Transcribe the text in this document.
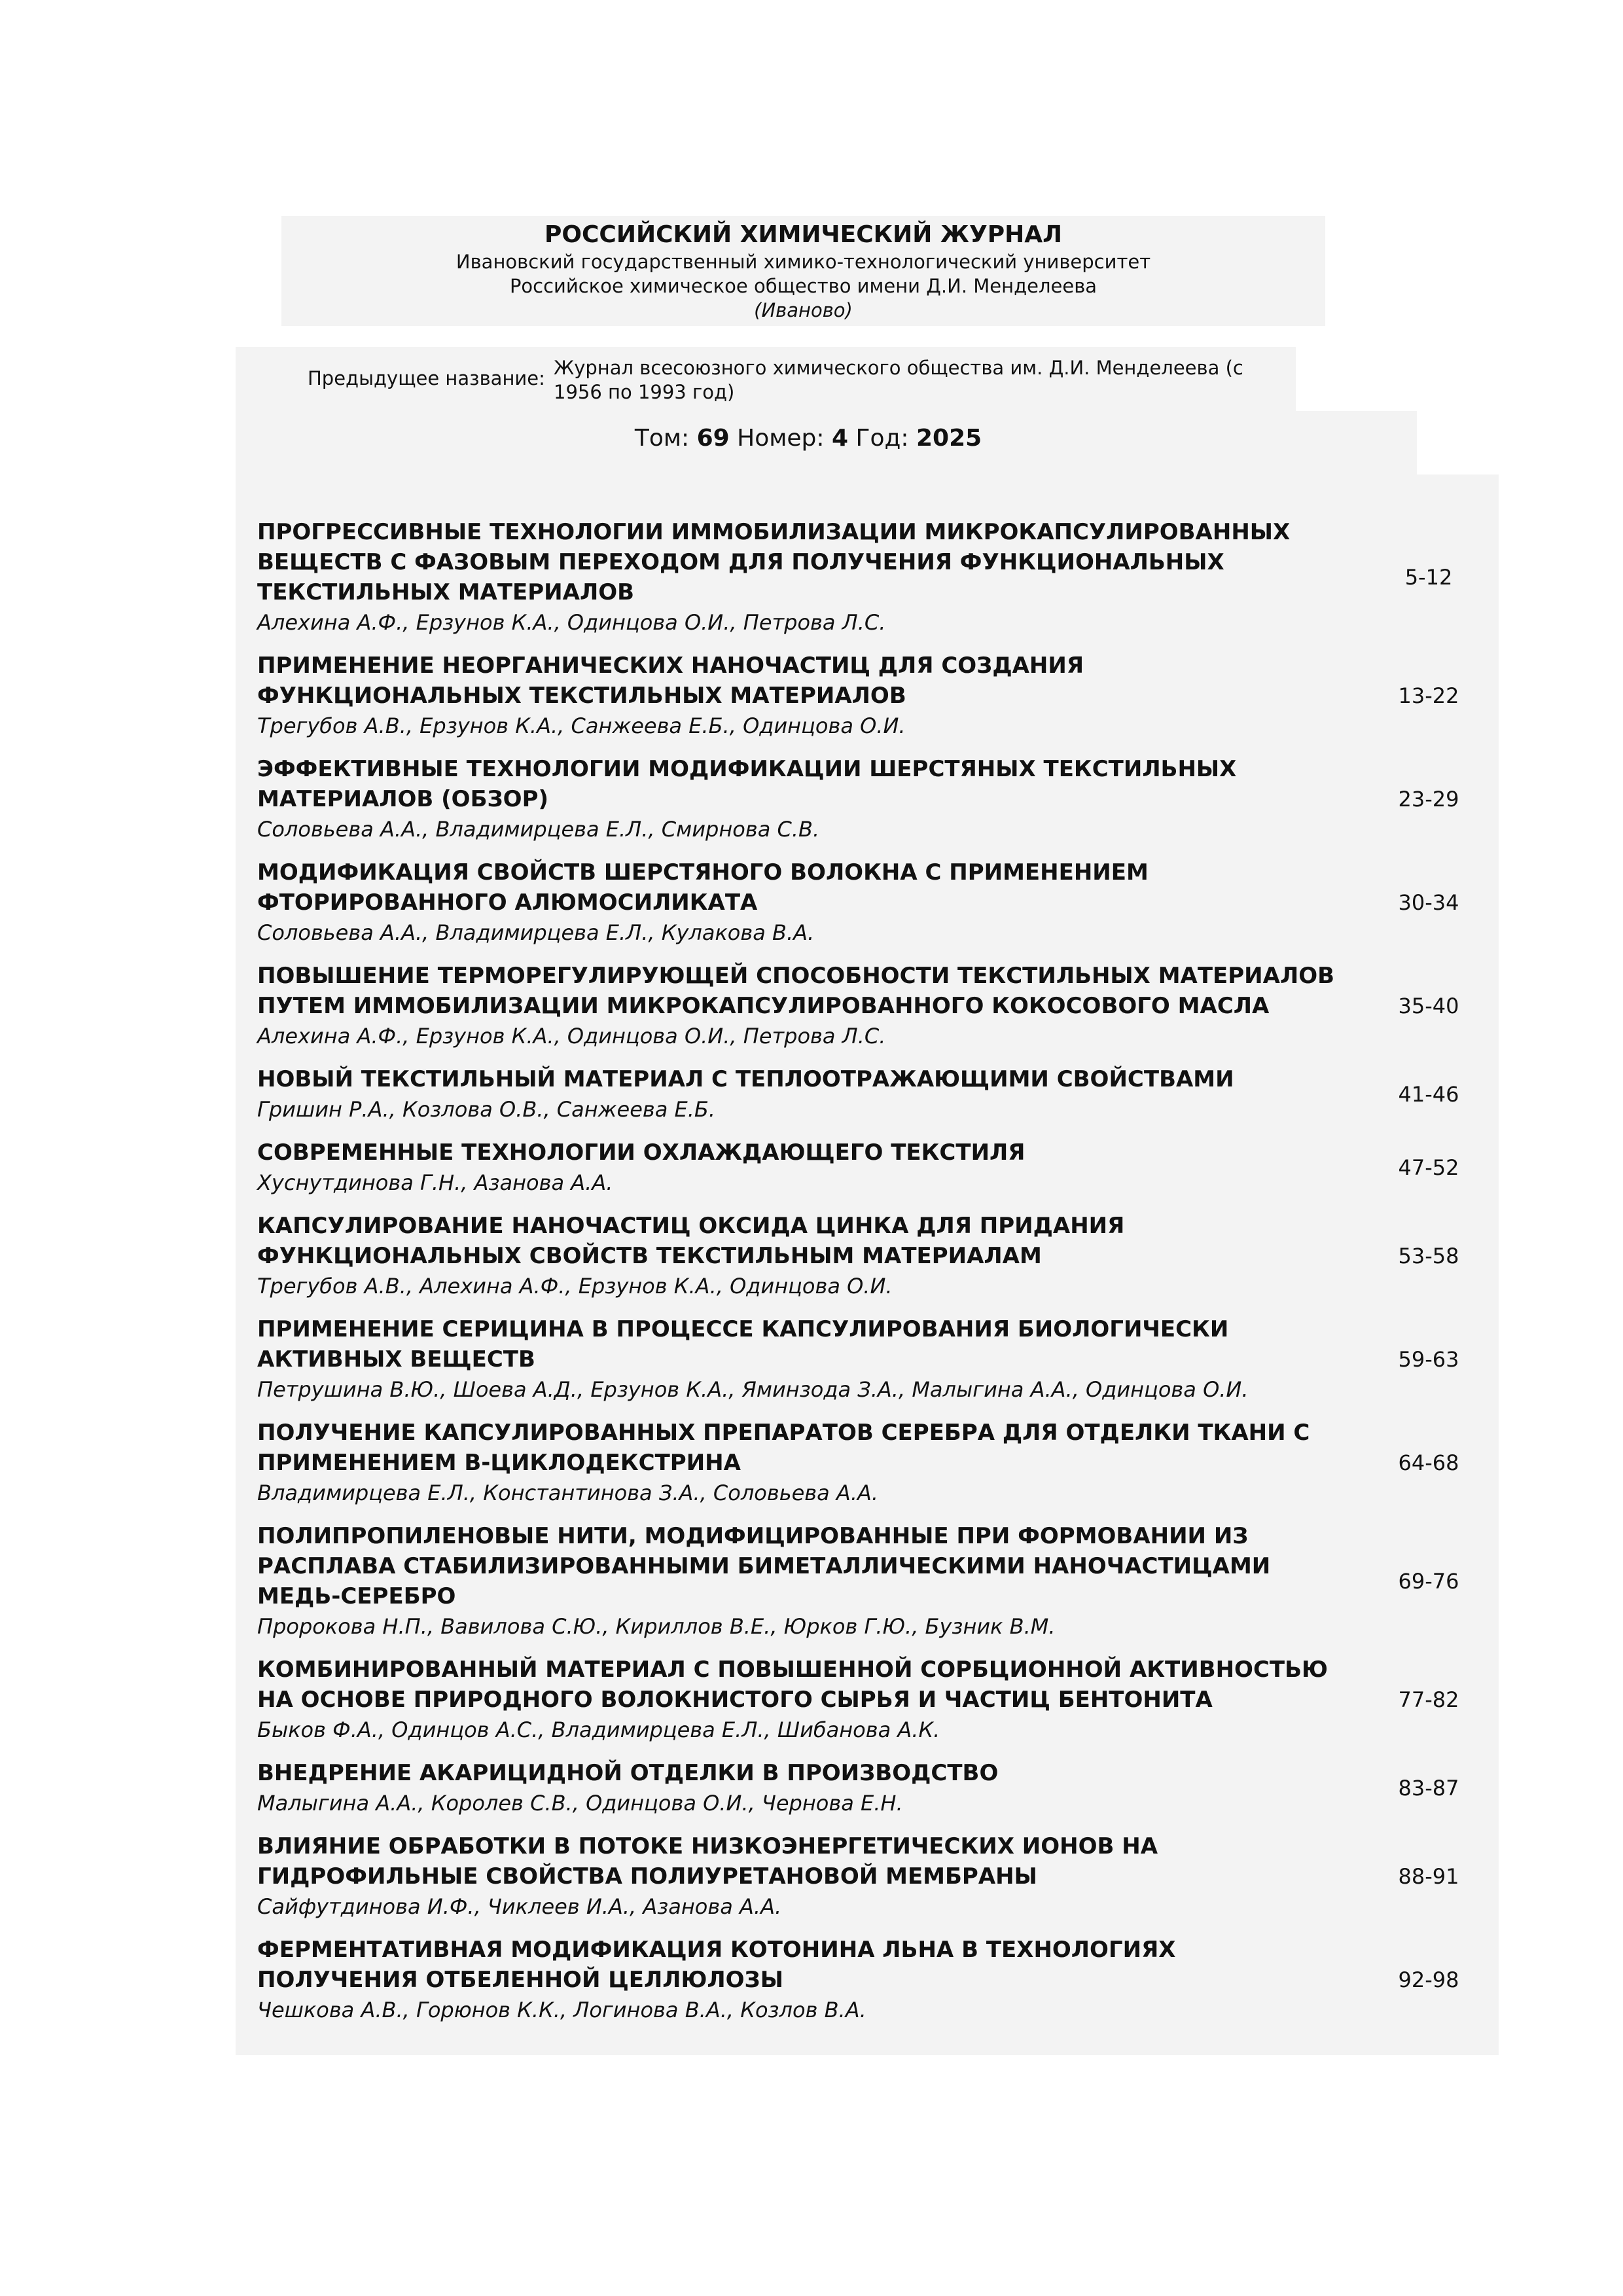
РОССИЙСКИЙ ХИМИЧЕСКИЙ ЖУРНАЛ
Ивановский государственный химико-технологический университет
Российское химическое общество имени Д.И. Менделеева
(Иваново)
Предыдущее название: Журнал всесоюзного химического общества им. Д.И. Менделеева (с 1956 по 1993 год)
Том: 69 Номер: 4 Год: 2025
ПРОГРЕССИВНЫЕ ТЕХНОЛОГИИ ИММОБИЛИЗАЦИИ МИКРОКАПСУЛИРОВАННЫХ ВЕЩЕСТВ С ФАЗОВЫМ ПЕРЕХОДОМ ДЛЯ ПОЛУЧЕНИЯ ФУНКЦИОНАЛЬНЫХ ТЕКСТИЛЬНЫХ МАТЕРИАЛОВ
Алехина А.Ф., Ерзунов К.А., Одинцова О.И., Петрова Л.С.
5-12
ПРИМЕНЕНИЕ НЕОРГАНИЧЕСКИХ НАНОЧАСТИЦ ДЛЯ СОЗДАНИЯ ФУНКЦИОНАЛЬНЫХ ТЕКСТИЛЬНЫХ МАТЕРИАЛОВ
Трегубов А.В., Ерзунов К.А., Санжеева Е.Б., Одинцова О.И.
13-22
ЭФФЕКТИВНЫЕ ТЕХНОЛОГИИ МОДИФИКАЦИИ ШЕРСТЯНЫХ ТЕКСТИЛЬНЫХ МАТЕРИАЛОВ (ОБЗОР)
Соловьева А.А., Владимирцева Е.Л., Смирнова С.В.
23-29
МОДИФИКАЦИЯ СВОЙСТВ ШЕРСТЯНОГО ВОЛОКНА С ПРИМЕНЕНИЕМ ФТОРИРОВАННОГО АЛЮМОСИЛИКАТА
Соловьева А.А., Владимирцева Е.Л., Кулакова В.А.
30-34
ПОВЫШЕНИЕ ТЕРМОРЕГУЛИРУЮЩЕЙ СПОСОБНОСТИ ТЕКСТИЛЬНЫХ МАТЕРИАЛОВ ПУТЕМ ИММОБИЛИЗАЦИИ МИКРОКАПСУЛИРОВАННОГО КОКОСОВОГО МАСЛА
Алехина А.Ф., Ерзунов К.А., Одинцова О.И., Петрова Л.С.
35-40
НОВЫЙ ТЕКСТИЛЬНЫЙ МАТЕРИАЛ С ТЕПЛООТРАЖАЮЩИМИ СВОЙСТВАМИ
Гришин Р.А., Козлова О.В., Санжеева Е.Б.
41-46
СОВРЕМЕННЫЕ ТЕХНОЛОГИИ ОХЛАЖДАЮЩЕГО ТЕКСТИЛЯ
Хуснутдинова Г.Н., Азанова А.А.
47-52
КАПСУЛИРОВАНИЕ НАНОЧАСТИЦ ОКСИДА ЦИНКА ДЛЯ ПРИДАНИЯ ФУНКЦИОНАЛЬНЫХ СВОЙСТВ ТЕКСТИЛЬНЫМ МАТЕРИАЛАМ
Трегубов А.В., Алехина А.Ф., Ерзунов К.А., Одинцова О.И.
53-58
ПРИМЕНЕНИЕ СЕРИЦИНА В ПРОЦЕССЕ КАПСУЛИРОВАНИЯ БИОЛОГИЧЕСКИ АКТИВНЫХ ВЕЩЕСТВ
Петрушина В.Ю., Шоева А.Д., Ерзунов К.А., Яминзода З.А., Малыгина А.А., Одинцова О.И.
59-63
ПОЛУЧЕНИЕ КАПСУЛИРОВАННЫХ ПРЕПАРАТОВ СЕРЕБРА ДЛЯ ОТДЕЛКИ ТКАНИ С ПРИМЕНЕНИЕМ Β-ЦИКЛОДЕКСТРИНА
Владимирцева Е.Л., Константинова З.А., Соловьева А.А.
64-68
ПОЛИПРОПИЛЕНОВЫЕ НИТИ, МОДИФИЦИРОВАННЫЕ ПРИ ФОРМОВАНИИ ИЗ РАСПЛАВА СТАБИЛИЗИРОВАННЫМИ БИМЕТАЛЛИЧЕСКИМИ НАНОЧАСТИЦАМИ МЕДЬ-СЕРЕБРО
Пророкова Н.П., Вавилова С.Ю., Кириллов В.Е., Юрков Г.Ю., Бузник В.М.
69-76
КОМБИНИРОВАННЫЙ МАТЕРИАЛ С ПОВЫШЕННОЙ СОРБЦИОННОЙ АКТИВНОСТЬЮ НА ОСНОВЕ ПРИРОДНОГО ВОЛОКНИСТОГО СЫРЬЯ И ЧАСТИЦ БЕНТОНИТА
Быков Ф.А., Одинцов А.С., Владимирцева Е.Л., Шибанова А.К.
77-82
ВНЕДРЕНИЕ АКАРИЦИДНОЙ ОТДЕЛКИ В ПРОИЗВОДСТВО
Малыгина А.А., Королев С.В., Одинцова О.И., Чернова Е.Н.
83-87
ВЛИЯНИЕ ОБРАБОТКИ В ПОТОКЕ НИЗКОЭНЕРГЕТИЧЕСКИХ ИОНОВ НА ГИДРОФИЛЬНЫЕ СВОЙСТВА ПОЛИУРЕТАНОВОЙ МЕМБРАНЫ
Сайфутдинова И.Ф., Чиклеев И.А., Азанова А.А.
88-91
ФЕРМЕНТАТИВНАЯ МОДИФИКАЦИЯ КОТОНИНА ЛЬНА В ТЕХНОЛОГИЯХ ПОЛУЧЕНИЯ ОТБЕЛЕННОЙ ЦЕЛЛЮЛОЗЫ
Чешкова А.В., Горюнов К.К., Логинова В.А., Козлов В.А.
92-98
